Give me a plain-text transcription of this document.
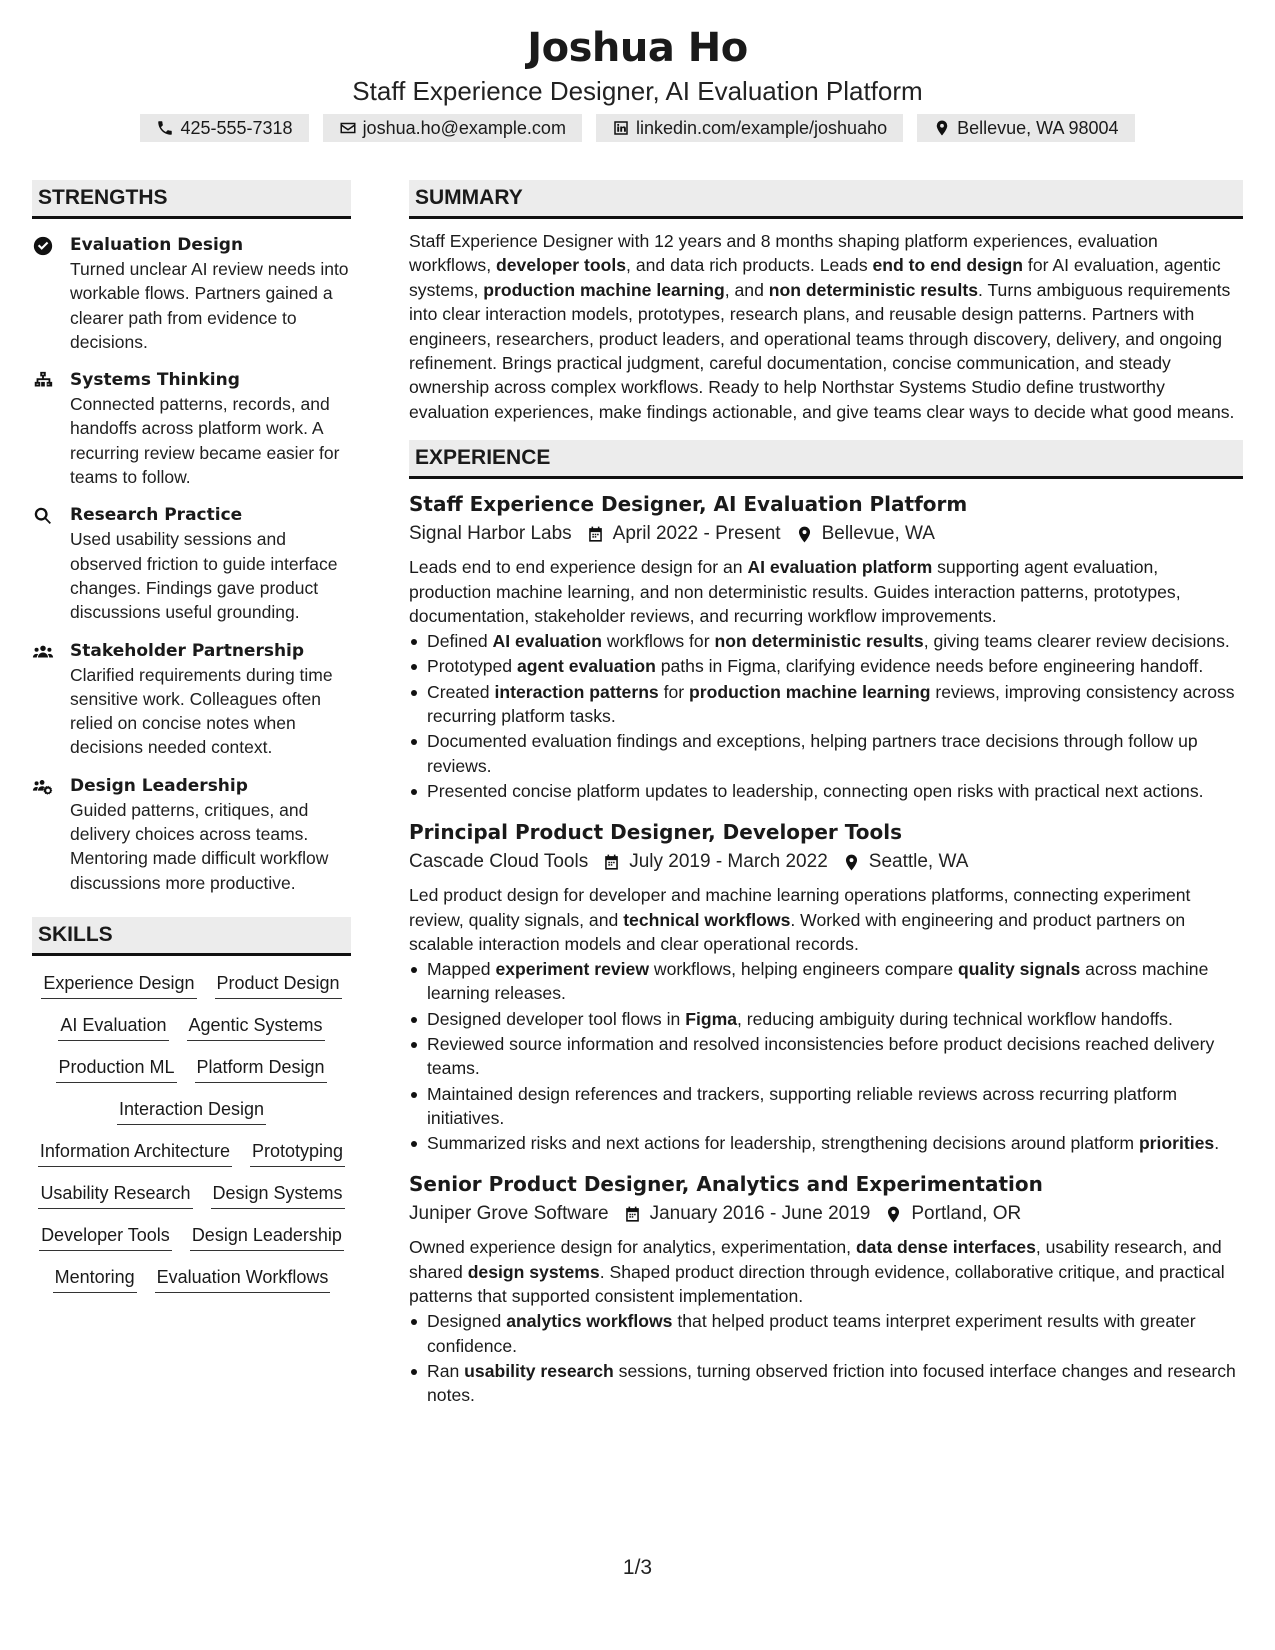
Joshua Ho
Staff Experience Designer, AI Evaluation Platform
425-555-7318	joshua.ho@example.com	linkedin.com/example/joshuaho	Bellevue, WA 98004
STRENGTHS
Evaluation Design
Turned unclear AI review needs into workable flows. Partners gained a clearer path from evidence to decisions.
Systems Thinking
Connected patterns, records, and handoffs across platform work. A recurring review became easier for teams to follow.
Research Practice
Used usability sessions and observed friction to guide interface changes. Findings gave product discussions useful grounding.
Stakeholder Partnership
Clarified requirements during time sensitive work. Colleagues often relied on concise notes when decisions needed context.
Design Leadership
Guided patterns, critiques, and delivery choices across teams. Mentoring made difficult workflow discussions more productive.
SKILLS
Experience Design Product Design
AI Evaluation Agentic Systems
Production ML Platform Design
Interaction Design
Information Architecture Prototyping
Usability Research Design Systems
Developer Tools Design Leadership
Mentoring Evaluation Workflows
SUMMARY
Staff Experience Designer with 12 years and 8 months shaping platform experiences, evaluation workflows, developer tools, and data rich products. Leads end to end design for AI evaluation, agentic systems, production machine learning, and non deterministic results. Turns ambiguous requirements into clear interaction models, prototypes, research plans, and reusable design patterns. Partners with engineers, researchers, product leaders, and operational teams through discovery, delivery, and ongoing refinement. Brings practical judgment, careful documentation, concise communication, and steady ownership across complex workflows. Ready to help Northstar Systems Studio define trustworthy evaluation experiences, make findings actionable, and give teams clear ways to decide what good means.
EXPERIENCE
Staff Experience Designer, AI Evaluation Platform
Signal Harbor Labs April 2022 - Present Bellevue, WA
Leads end to end experience design for an AI evaluation platform supporting agent evaluation, production machine learning, and non deterministic results. Guides interaction patterns, prototypes, documentation, stakeholder reviews, and recurring workflow improvements.
Defined AI evaluation workflows for non deterministic results, giving teams clearer review decisions.
Prototyped agent evaluation paths in Figma, clarifying evidence needs before engineering handoff.
Created interaction patterns for production machine learning reviews, improving consistency across recurring platform tasks.
Documented evaluation findings and exceptions, helping partners trace decisions through follow up reviews.
Presented concise platform updates to leadership, connecting open risks with practical next actions.
Principal Product Designer, Developer Tools
Cascade Cloud Tools July 2019 - March 2022 Seattle, WA
Led product design for developer and machine learning operations platforms, connecting experiment review, quality signals, and technical workflows. Worked with engineering and product partners on scalable interaction models and clear operational records.
Mapped experiment review workflows, helping engineers compare quality signals across machine learning releases.
Designed developer tool flows in Figma, reducing ambiguity during technical workflow handoffs.
Reviewed source information and resolved inconsistencies before product decisions reached delivery teams.
Maintained design references and trackers, supporting reliable reviews across recurring platform initiatives.
Summarized risks and next actions for leadership, strengthening decisions around platform priorities.
Senior Product Designer, Analytics and Experimentation
Juniper Grove Software January 2016 - June 2019 Portland, OR
Owned experience design for analytics, experimentation, data dense interfaces, usability research, and shared design systems. Shaped product direction through evidence, collaborative critique, and practical patterns that supported consistent implementation.
Designed analytics workflows that helped product teams interpret experiment results with greater confidence.
Ran usability research sessions, turning observed friction into focused interface changes and research notes.
1/3
